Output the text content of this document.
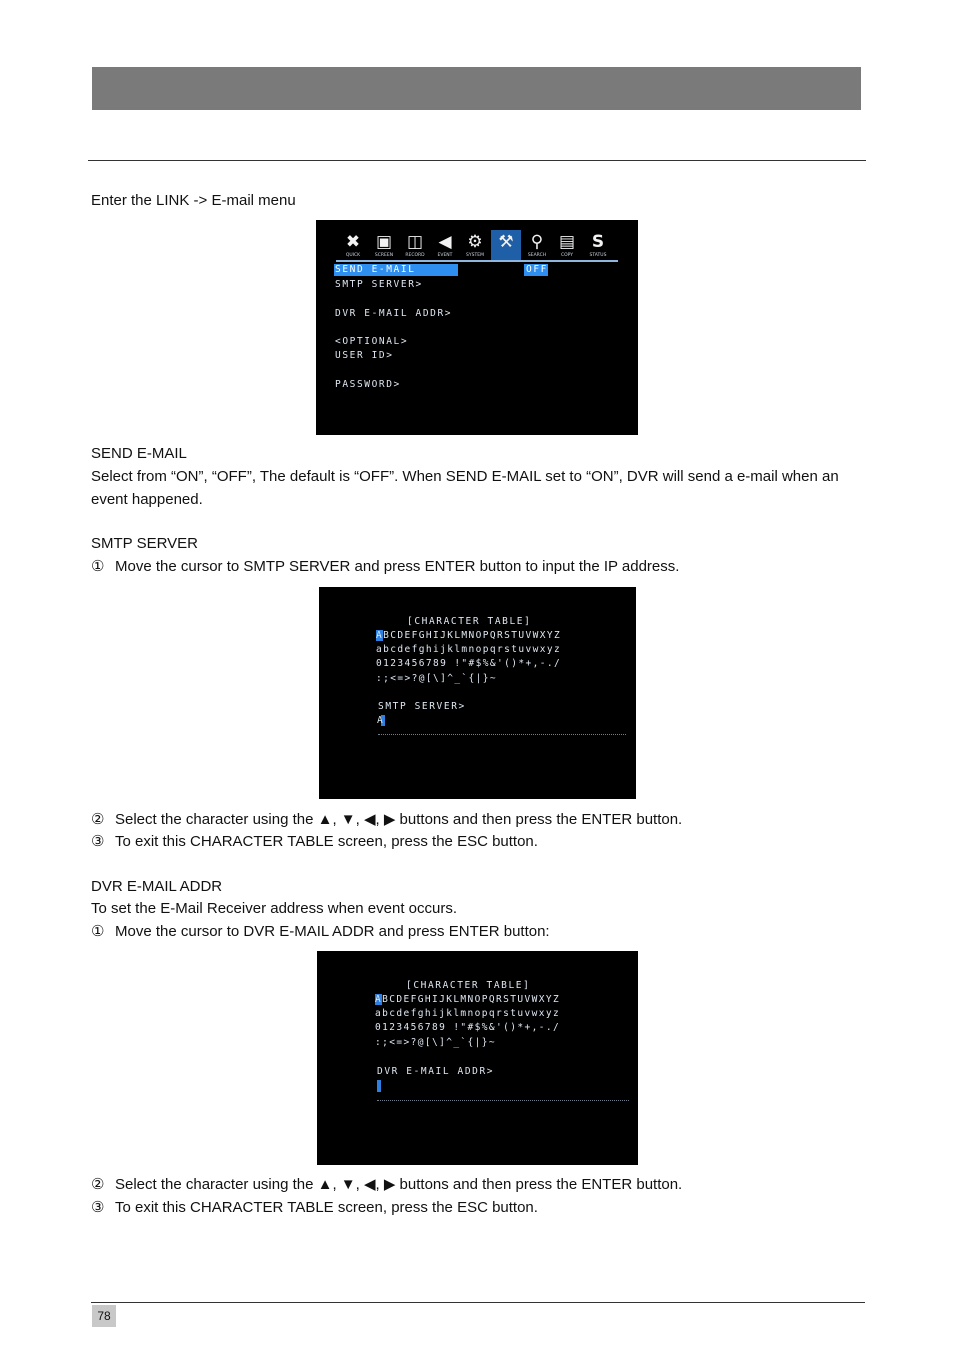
Enter the LINK -> E-mail menu
✖
QUICK
▣
SCREEN
◫
RECORD
◀
EVENT
⚙
SYSTEM
⚒	⚲
SEARCH
▤
COPY
S
STATUS
SEND E-MAIL	OFF
SMTP SERVER>
DVR E-MAIL ADDR>
<OPTIONAL>
USER ID>
PASSWORD>
SEND E-MAIL
Select from “ON”, “OFF”, The default is “OFF”. When SEND E-MAIL set to “ON”, DVR will send a e-mail when an event happened.
SMTP SERVER
① Move the cursor to SMTP SERVER and press ENTER button to input the IP address.
[CHARACTER TABLE]
ABCDEFGHIJKLMNOPQRSTUVWXYZ
abcdefghijklmnopqrstuvwxyz
0123456789 !"#$%&'()*+,-./
:;<=>?@[\]^_`{|}~
SMTP SERVER>
A
② Select the character using the ▲, ▼, ◀, ▶ buttons and then press the ENTER button.
③ To exit this CHARACTER TABLE screen, press the ESC button.
DVR E-MAIL ADDR
To set the E-Mail Receiver address when event occurs.
① Move the cursor to DVR E-MAIL ADDR and press ENTER button:
[CHARACTER TABLE]
ABCDEFGHIJKLMNOPQRSTUVWXYZ
abcdefghijklmnopqrstuvwxyz
0123456789 !"#$%&'()*+,-./
:;<=>?@[\]^_`{|}~
DVR E-MAIL ADDR>
② Select the character using the ▲, ▼, ◀, ▶ buttons and then press the ENTER button.
③ To exit this CHARACTER TABLE screen, press the ESC button.
78
